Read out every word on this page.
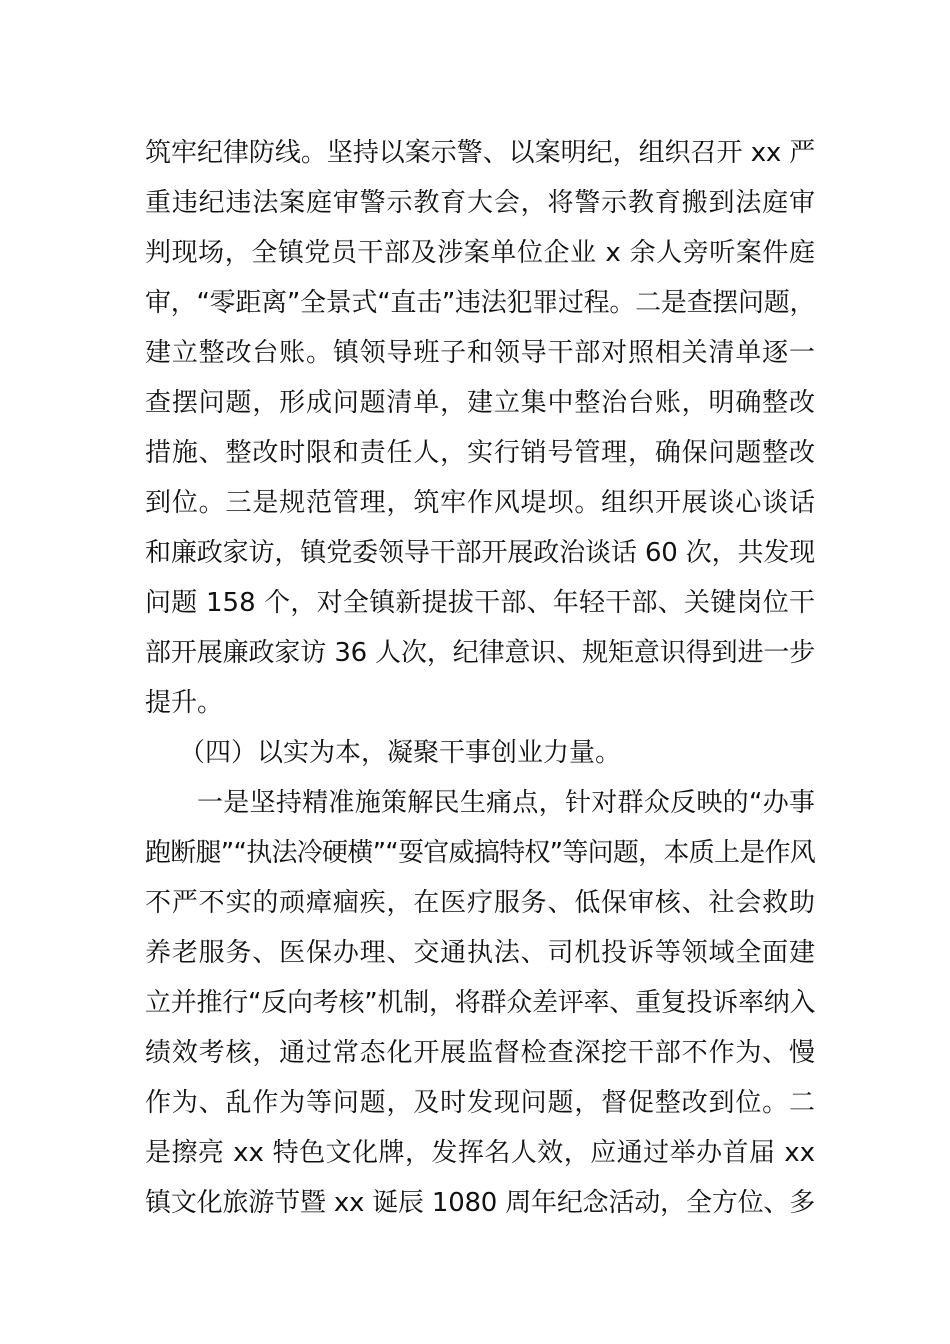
筑牢纪律防线。坚持以案示警、以案明纪，组织召开 xx 严
重违纪违法案庭审警示教育大会，将警示教育搬到法庭审
判现场，全镇党员干部及涉案单位企业 x 余人旁听案件庭
审，“零距离”全景式“直击”违法犯罪过程。二是查摆问题，
建立整改台账。镇领导班子和领导干部对照相关清单逐一
查摆问题，形成问题清单，建立集中整治台账，明确整改
措施、整改时限和责任人，实行销号管理，确保问题整改
到位。三是规范管理，筑牢作风堤坝。组织开展谈心谈话
和廉政家访，镇党委领导干部开展政治谈话 60 次，共发现
问题 158 个，对全镇新提拔干部、年轻干部、关键岗位干
部开展廉政家访 36 人次，纪律意识、规矩意识得到进一步
提升。
（四）以实为本，凝聚干事创业力量。
一是坚持精准施策解民生痛点，针对群众反映的“办事
跑断腿”“执法冷硬横”“耍官威搞特权”等问题，本质上是作风
不严不实的顽瘴痼疾，在医疗服务、低保审核、社会救助
养老服务、医保办理、交通执法、司机投诉等领域全面建
立并推行“反向考核”机制，将群众差评率、重复投诉率纳入
绩效考核，通过常态化开展监督检查深挖干部不作为、慢
作为、乱作为等问题，及时发现问题，督促整改到位。二
是擦亮 xx 特色文化牌，发挥名人效，应通过举办首届 xx
镇文化旅游节暨 xx 诞辰 1080 周年纪念活动，全方位、多
